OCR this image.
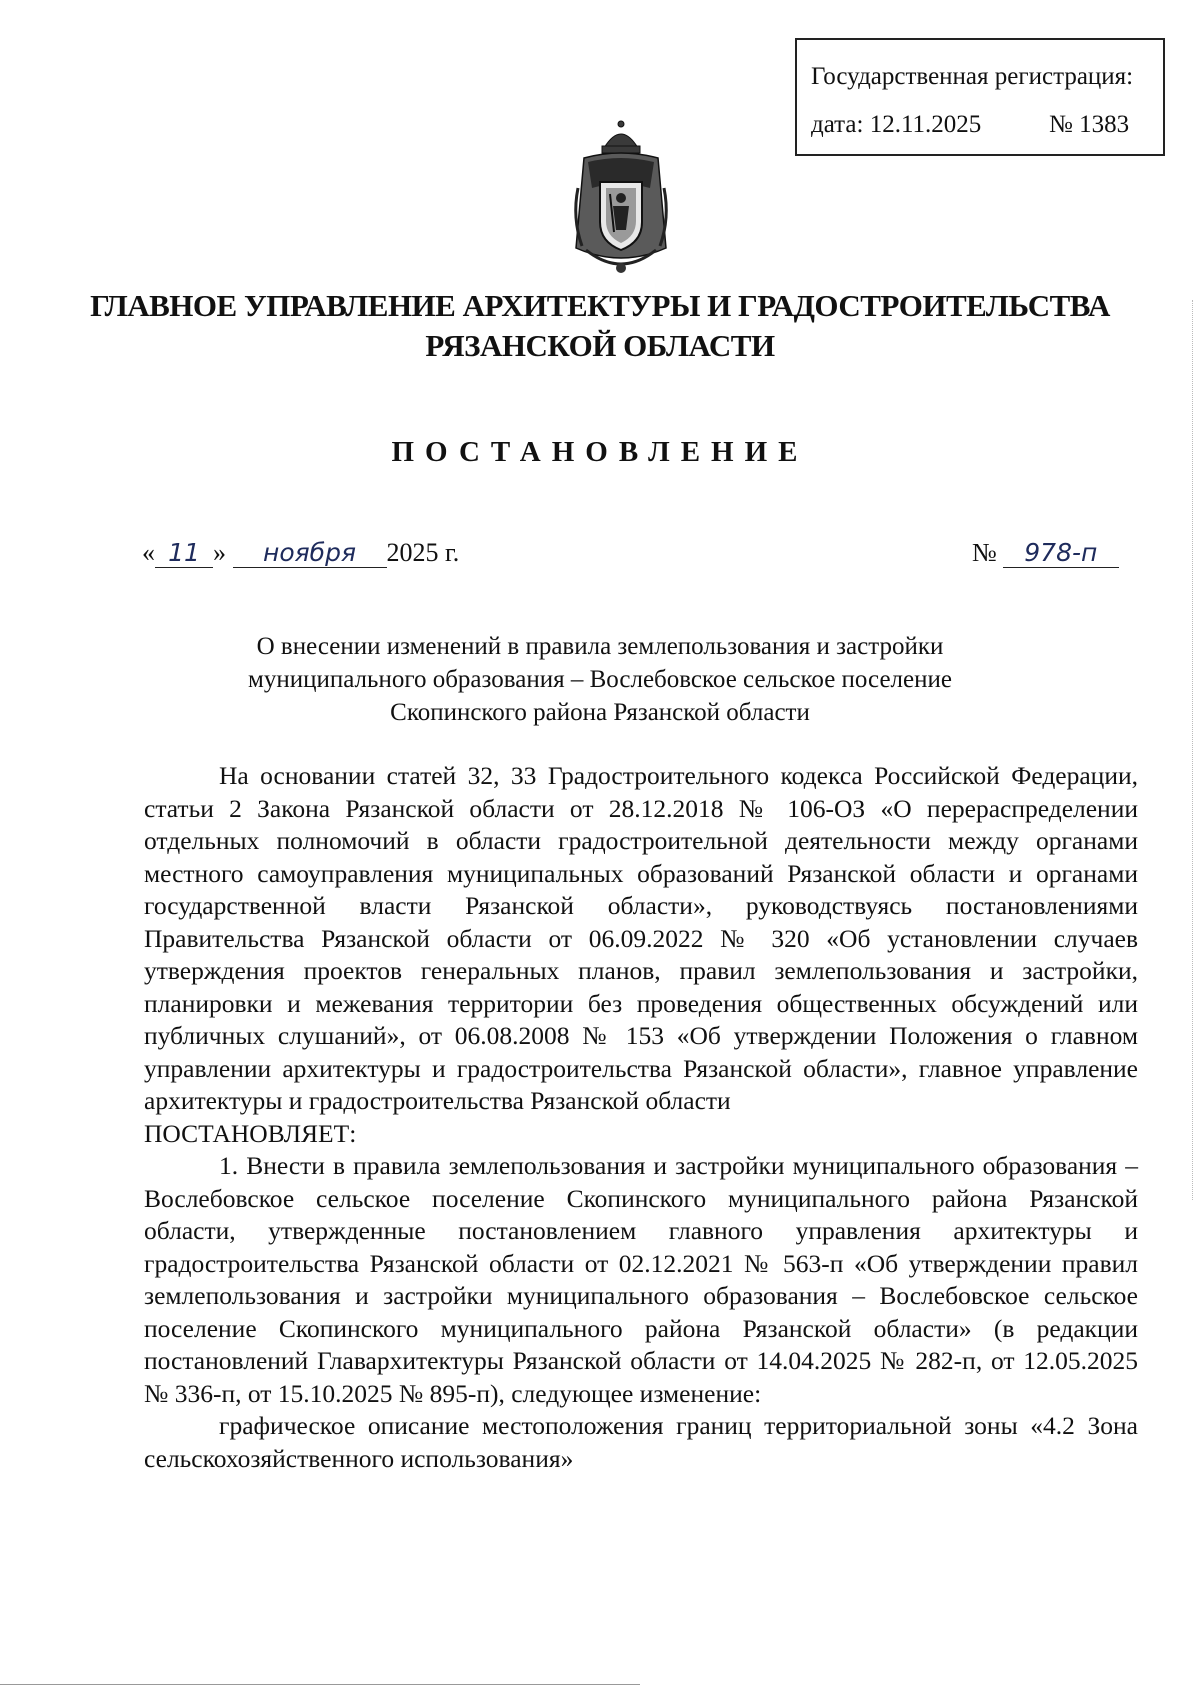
Государственная регистрация:
дата: 12.11.2025	№ 1383
ГЛАВНОЕ УПРАВЛЕНИЕ АРХИТЕКТУРЫ И ГРАДОСТРОИТЕЛЬСТВА
РЯЗАНСКОЙ ОБЛАСТИ
ПОСТАНОВЛЕНИЕ
« 11 » ноября 2025 г.	№ 978-п
О внесении изменений в правила землепользования и застройки
муниципального образования – Вослебовское сельское поселение
Скопинского района Рязанской области

На основании статей 32, 33 Градостроительного кодекса Российской Федерации, статьи 2 Закона Рязанской области от 28.12.2018 № 106-ОЗ «О перераспределении отдельных полномочий в области градостроительной деятельности между органами местного самоуправления муниципальных образований Рязанской области и органами государственной власти Рязанской области», руководствуясь постановлениями Правительства Рязанской области от 06.09.2022 № 320 «Об установлении случаев утверждения проектов генеральных планов, правил землепользования и застройки, планировки и межевания территории без проведения общественных обсуждений или публичных слушаний», от 06.08.2008 № 153 «Об утверждении Положения о главном управлении архитектуры и градостроительства Рязанской области», главное управление архитектуры и градостроительства Рязанской области

ПОСТАНОВЛЯЕТ:

1. Внести в правила землепользования и застройки муниципального образования – Вослебовское сельское поселение Скопинского муниципального района Рязанской области, утвержденные постановлением главного управления архитектуры и градостроительства Рязанской области от 02.12.2021 № 563-п «Об утверждении правил землепользования и застройки муниципального образования – Вослебовское сельское поселение Скопинского муниципального района Рязанской области» (в редакции постановлений Главархитектуры Рязанской области от 14.04.2025 № 282-п, от 12.05.2025 № 336-п, от 15.10.2025 № 895-п), следующее изменение:

графическое описание местоположения границ территориальной зоны «4.2 Зона сельскохозяйственного использования»
